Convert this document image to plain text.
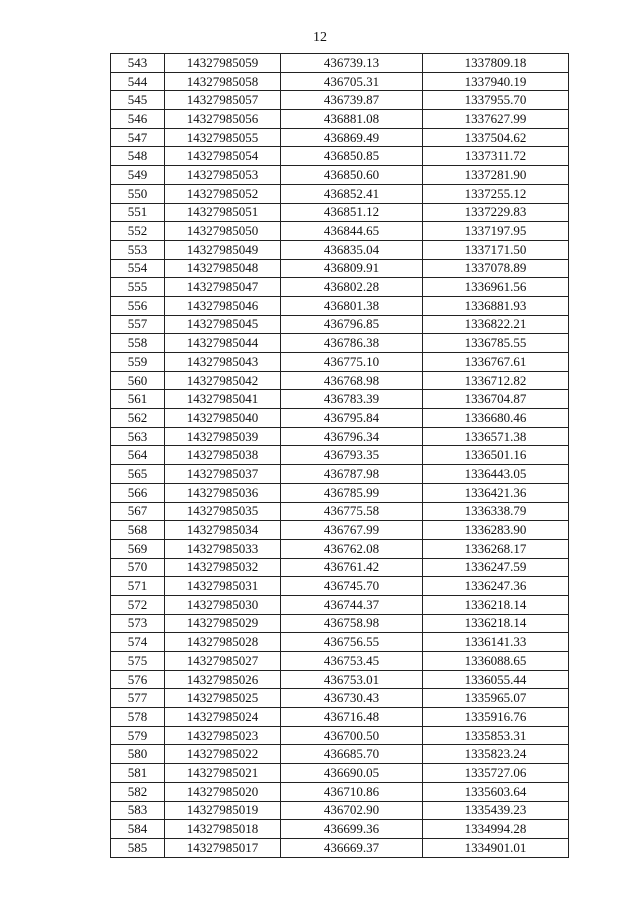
12
543	14327985059	436739.13	1337809.18
544	14327985058	436705.31	1337940.19
545	14327985057	436739.87	1337955.70
546	14327985056	436881.08	1337627.99
547	14327985055	436869.49	1337504.62
548	14327985054	436850.85	1337311.72
549	14327985053	436850.60	1337281.90
550	14327985052	436852.41	1337255.12
551	14327985051	436851.12	1337229.83
552	14327985050	436844.65	1337197.95
553	14327985049	436835.04	1337171.50
554	14327985048	436809.91	1337078.89
555	14327985047	436802.28	1336961.56
556	14327985046	436801.38	1336881.93
557	14327985045	436796.85	1336822.21
558	14327985044	436786.38	1336785.55
559	14327985043	436775.10	1336767.61
560	14327985042	436768.98	1336712.82
561	14327985041	436783.39	1336704.87
562	14327985040	436795.84	1336680.46
563	14327985039	436796.34	1336571.38
564	14327985038	436793.35	1336501.16
565	14327985037	436787.98	1336443.05
566	14327985036	436785.99	1336421.36
567	14327985035	436775.58	1336338.79
568	14327985034	436767.99	1336283.90
569	14327985033	436762.08	1336268.17
570	14327985032	436761.42	1336247.59
571	14327985031	436745.70	1336247.36
572	14327985030	436744.37	1336218.14
573	14327985029	436758.98	1336218.14
574	14327985028	436756.55	1336141.33
575	14327985027	436753.45	1336088.65
576	14327985026	436753.01	1336055.44
577	14327985025	436730.43	1335965.07
578	14327985024	436716.48	1335916.76
579	14327985023	436700.50	1335853.31
580	14327985022	436685.70	1335823.24
581	14327985021	436690.05	1335727.06
582	14327985020	436710.86	1335603.64
583	14327985019	436702.90	1335439.23
584	14327985018	436699.36	1334994.28
585	14327985017	436669.37	1334901.01
